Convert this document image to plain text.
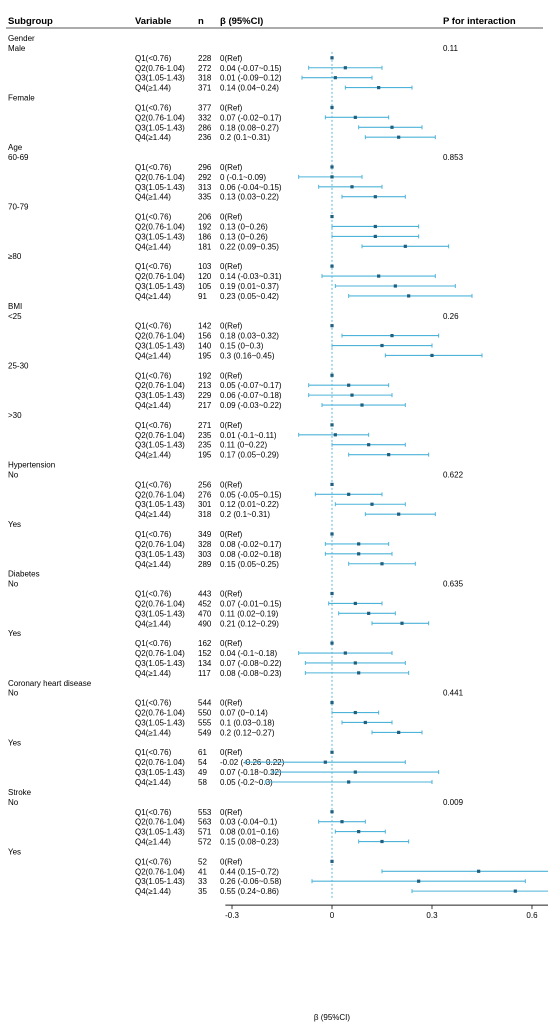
Subgroup	Variable	n β (95%CI)	P for interaction
Gender
Male	0.11
Q1(<0.76)	228 0(Ref)
Q2(0.76-1.04) 272 0.04 (-0.07~0.15)
Q3(1.05-1.43) 318 0.01 (-0.09~0.12)
Q4(≥1.44)	371 0.14 (0.04~0.24)
Female
Q1(<0.76)	377 0(Ref)
Q2(0.76-1.04) 332 0.07 (-0.02~0.17)
Q3(1.05-1.43) 286 0.18 (0.08~0.27)
Q4(≥1.44)	236 0.2 (0.1~0.31)
Age
60-69	0.853
Q1(<0.76)	296 0(Ref)
Q2(0.76-1.04) 292 0 (-0.1~0.09)
Q3(1.05-1.43) 313 0.06 (-0.04~0.15)
Q4(≥1.44)	335 0.13 (0.03~0.22)
70-79
Q1(<0.76)	206 0(Ref)
Q2(0.76-1.04) 192 0.13 (0~0.26)
Q3(1.05-1.43) 186 0.13 (0~0.26)
Q4(≥1.44)	181 0.22 (0.09~0.35)
≥80
Q1(<0.76)	103 0(Ref)
Q2(0.76-1.04) 120 0.14 (-0.03~0.31)
Q3(1.05-1.43) 105 0.19 (0.01~0.37)
Q4(≥1.44)	91 0.23 (0.05~0.42)
BMI
<25	0.26
Q1(<0.76)	142 0(Ref)
Q2(0.76-1.04) 156 0.18 (0.03~0.32)
Q3(1.05-1.43) 140 0.15 (0~0.3)
Q4(≥1.44)	195 0.3 (0.16~0.45)
25-30
Q1(<0.76)	192 0(Ref)
Q2(0.76-1.04) 213 0.05 (-0.07~0.17)
Q3(1.05-1.43) 229 0.06 (-0.07~0.18)
Q4(≥1.44)	217 0.09 (-0.03~0.22)
>30
Q1(<0.76)	271 0(Ref)
Q2(0.76-1.04) 235 0.01 (-0.1~0.11)
Q3(1.05-1.43) 235 0.11 (0~0.22)
Q4(≥1.44)	195 0.17 (0.05~0.29)
Hypertension
No	0.622
Q1(<0.76)	256 0(Ref)
Q2(0.76-1.04) 276 0.05 (-0.05~0.15)
Q3(1.05-1.43) 301 0.12 (0.01~0.22)
Q4(≥1.44)	318 0.2 (0.1~0.31)
Yes
Q1(<0.76)	349 0(Ref)
Q2(0.76-1.04) 328 0.08 (-0.02~0.17)
Q3(1.05-1.43) 303 0.08 (-0.02~0.18)
Q4(≥1.44)	289 0.15 (0.05~0.25)
Diabetes
No	0.635
Q1(<0.76)	443 0(Ref)
Q2(0.76-1.04) 452 0.07 (-0.01~0.15)
Q3(1.05-1.43) 470 0.11 (0.02~0.19)
Q4(≥1.44)	490 0.21 (0.12~0.29)
Yes
Q1(<0.76)	162 0(Ref)
Q2(0.76-1.04) 152 0.04 (-0.1~0.18)
Q3(1.05-1.43) 134 0.07 (-0.08~0.22)
Q4(≥1.44)	117 0.08 (-0.08~0.23)
Coronary heart disease
No	0.441
Q1(<0.76)	544 0(Ref)
Q2(0.76-1.04) 550 0.07 (0~0.14)
Q3(1.05-1.43) 555 0.1 (0.03~0.18)
Q4(≥1.44)	549 0.2 (0.12~0.27)
Yes
Q1(<0.76)	61 0(Ref)
Q2(0.76-1.04) 54 -0.02 (-0.26~0.22)
Q3(1.05-1.43) 49 0.07 (-0.18~0.32)
Q4(≥1.44)	58 0.05 (-0.2~0.3)
Stroke
No	0.009
Q1(<0.76)	553 0(Ref)
Q2(0.76-1.04) 563 0.03 (-0.04~0.1)
Q3(1.05-1.43) 571 0.08 (0.01~0.16)
Q4(≥1.44)	572 0.15 (0.08~0.23)
Yes
Q1(<0.76)	52 0(Ref)
Q2(0.76-1.04) 41 0.44 (0.15~0.72)
Q3(1.05-1.43) 33 0.26 (-0.06~0.58)
Q4(≥1.44)	35 0.55 (0.24~0.86)
β (95%CI)
-0.3	0	0.3	0.6
